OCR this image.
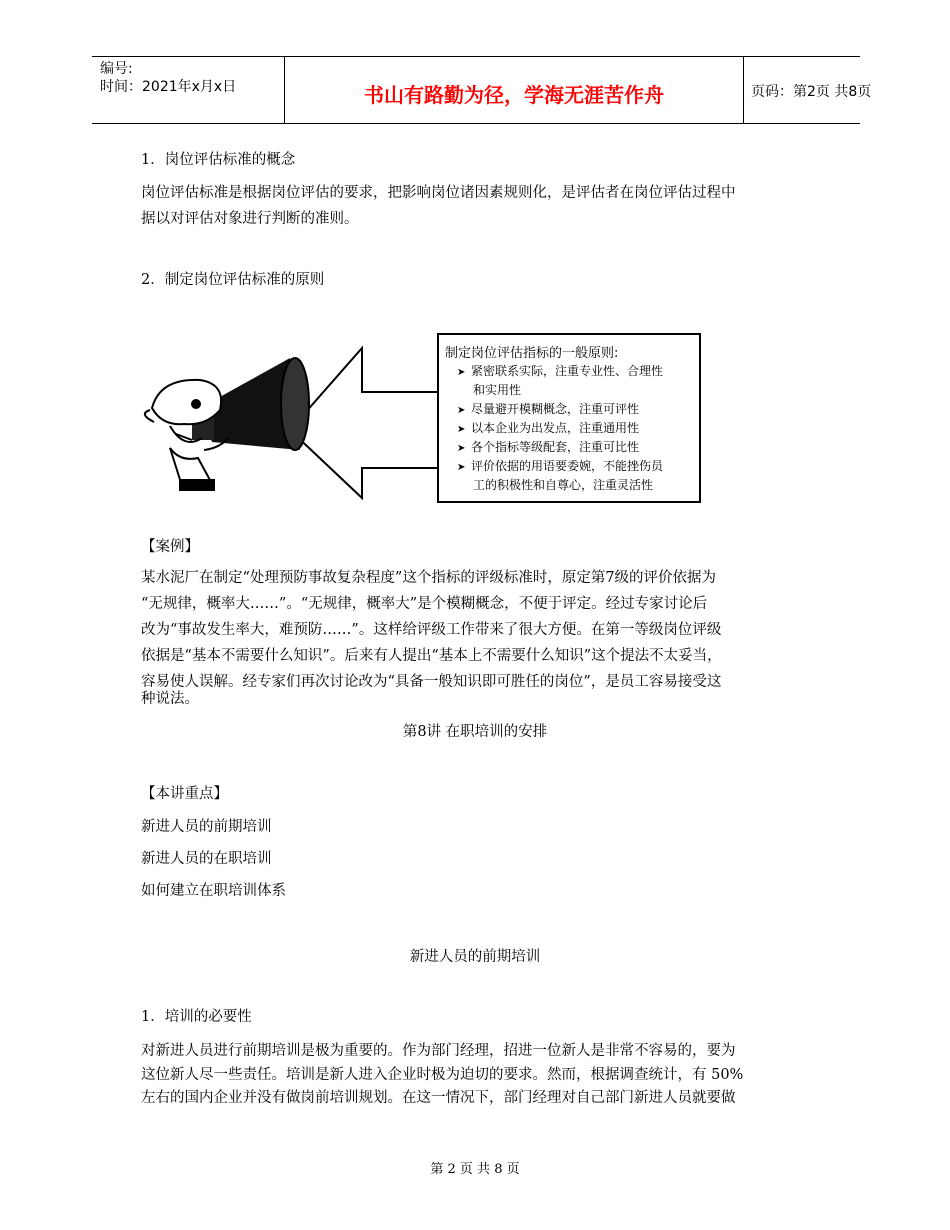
编号:
时间：2021年x月x日	书山有路勤为径，学海无涯苦作舟	页码：第2页 共8页
1．岗位评估标准的概念
岗位评估标准是根据岗位评估的要求，把影响岗位诸因素规则化，是评估者在岗位评估过程中
据以对评估对象进行判断的准则。
2．制定岗位评估标准的原则
制定岗位评估指标的一般原则:
➤ 紧密联系实际，注重专业性、合理性
和实用性
➤ 尽量避开模糊概念，注重可评性
➤ 以本企业为出发点，注重通用性
➤ 各个指标等级配套，注重可比性
➤ 评价依据的用语要委婉，不能挫伤员
工的积极性和自尊心，注重灵活性
【案例】
某水泥厂在制定“处理预防事故复杂程度”这个指标的评级标准时，原定第7级的评价依据为
“无规律，概率大……”。“无规律，概率大”是个模糊概念，不便于评定。经过专家讨论后
改为“事故发生率大，难预防……”。这样给评级工作带来了很大方便。在第一等级岗位评级
依据是“基本不需要什么知识”。后来有人提出“基本上不需要什么知识”这个提法不太妥当，
容易使人误解。经专家们再次讨论改为“具备一般知识即可胜任的岗位”，是员工容易接受这
种说法。
第8讲 在职培训的安排
【本讲重点】
新进人员的前期培训
新进人员的在职培训
如何建立在职培训体系
新进人员的前期培训
1．培训的必要性
对新进人员进行前期培训是极为重要的。作为部门经理，招进一位新人是非常不容易的，要为
这位新人尽一些责任。培训是新人进入企业时极为迫切的要求。然而，根据调查统计，有 50%
左右的国内企业并没有做岗前培训规划。在这一情况下，部门经理对自己部门新进人员就要做
第 2 页 共 8 页
